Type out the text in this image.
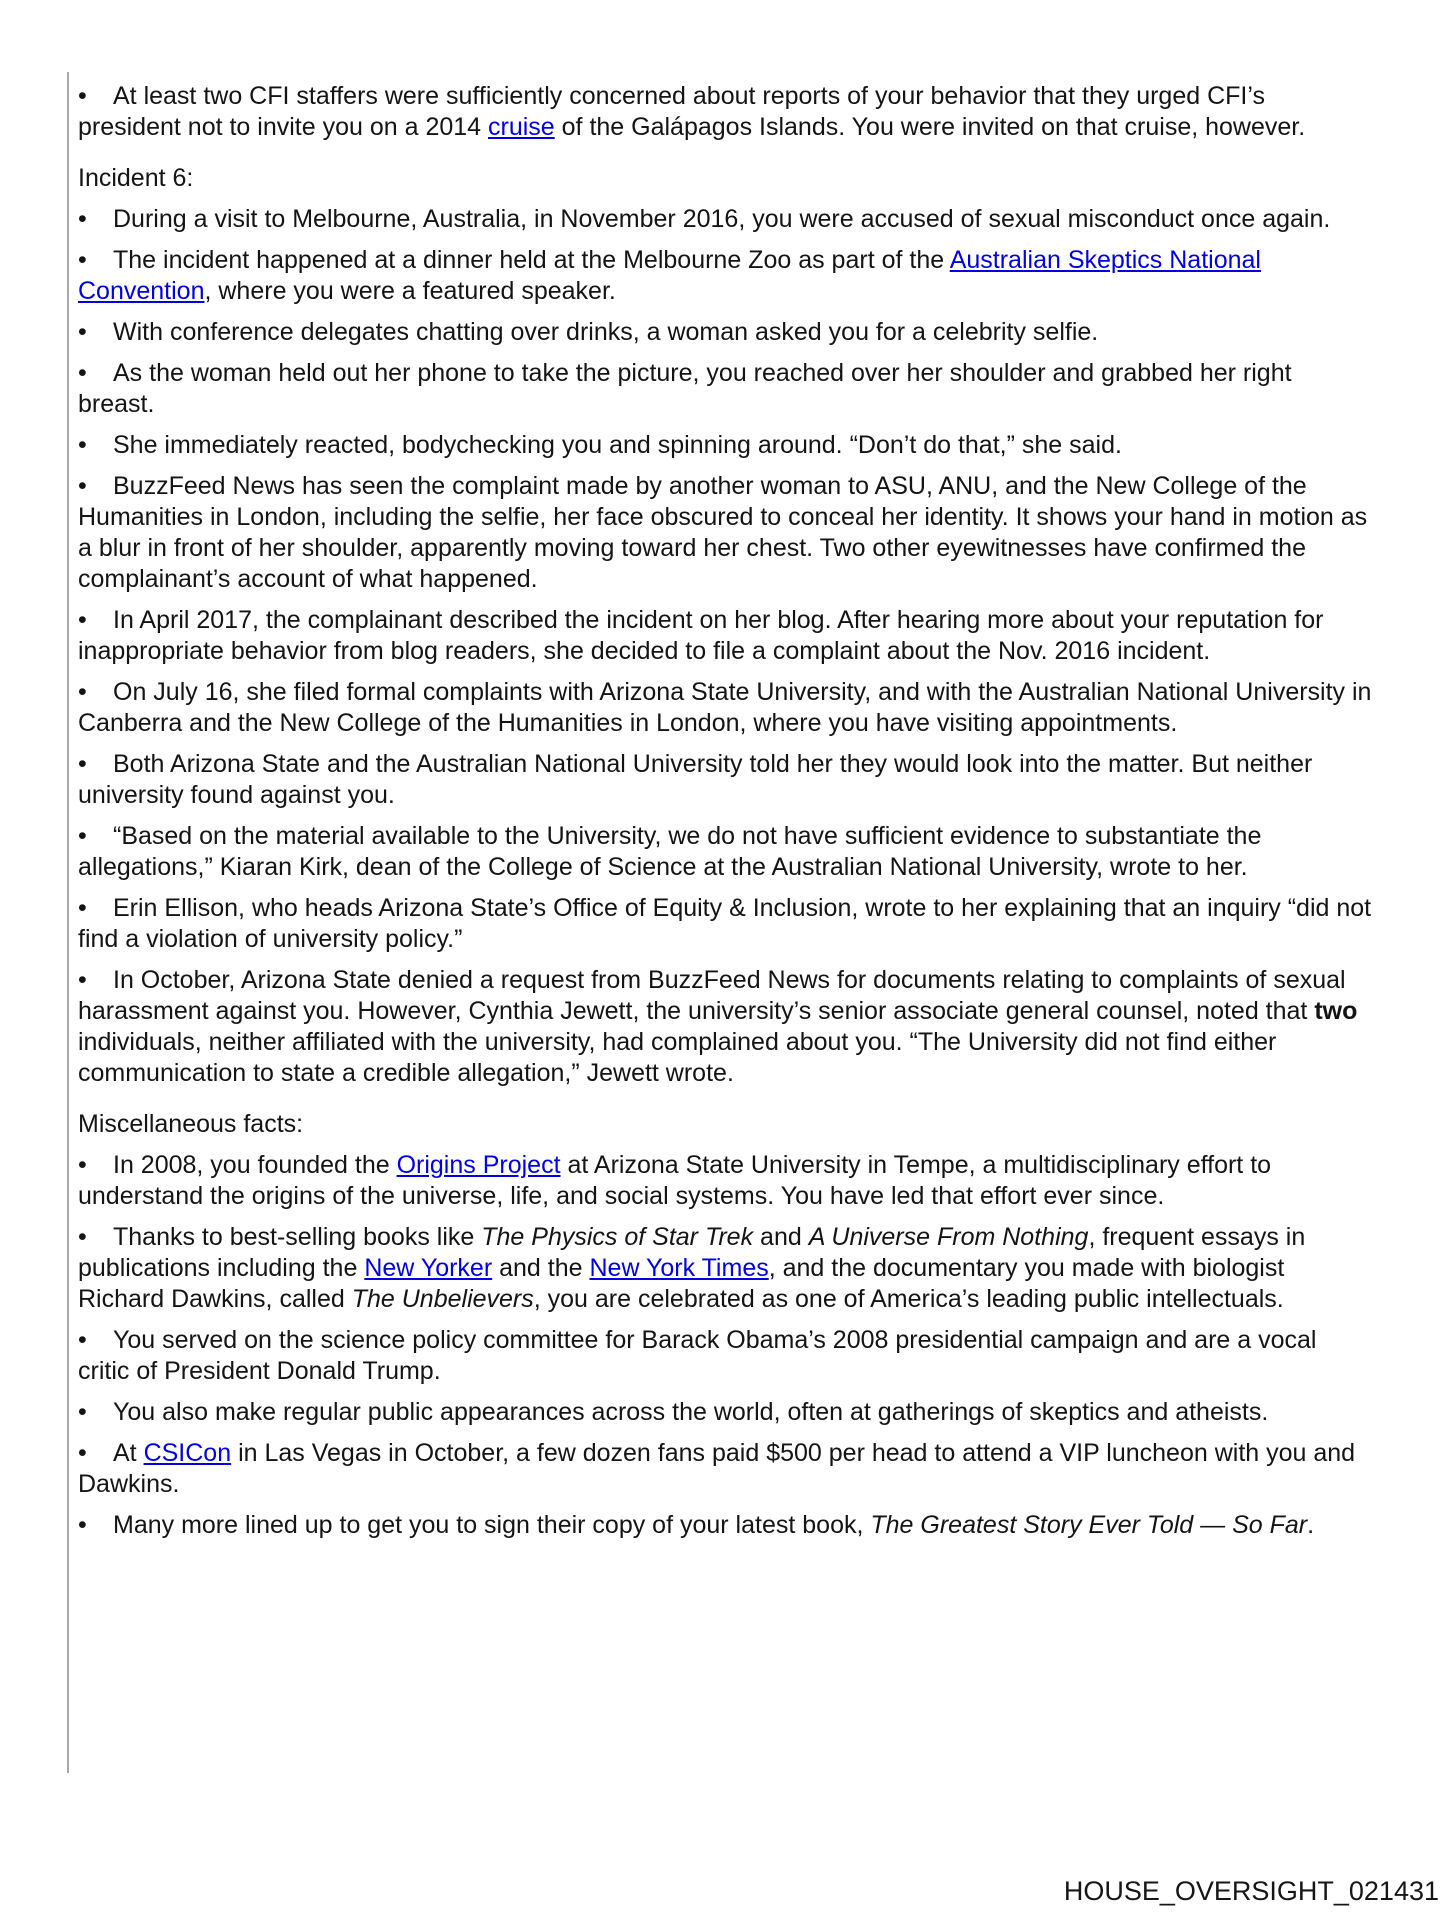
• At least two CFI staffers were sufficiently concerned about reports of your behavior that they urged CFI’s president not to invite you on a 2014 cruise of the Galápagos Islands. You were invited on that cruise, however.

Incident 6:

• During a visit to Melbourne, Australia, in November 2016, you were accused of sexual misconduct once again.

• The incident happened at a dinner held at the Melbourne Zoo as part of the Australian Skeptics National Convention, where you were a featured speaker.

• With conference delegates chatting over drinks, a woman asked you for a celebrity selfie.

• As the woman held out her phone to take the picture, you reached over her shoulder and grabbed her right breast.

• She immediately reacted, bodychecking you and spinning around. “Don’t do that,” she said.

• BuzzFeed News has seen the complaint made by another woman to ASU, ANU, and the New College of the Humanities in London, including the selfie, her face obscured to conceal her identity. It shows your hand in motion as a blur in front of her shoulder, apparently moving toward her chest. Two other eyewitnesses have confirmed the complainant’s account of what happened.

• In April 2017, the complainant described the incident on her blog. After hearing more about your reputation for inappropriate behavior from blog readers, she decided to file a complaint about the Nov. 2016 incident.

• On July 16, she filed formal complaints with Arizona State University, and with the Australian National University in Canberra and the New College of the Humanities in London, where you have visiting appointments.

• Both Arizona State and the Australian National University told her they would look into the matter. But neither university found against you.

• “Based on the material available to the University, we do not have sufficient evidence to substantiate the allegations,” Kiaran Kirk, dean of the College of Science at the Australian National University, wrote to her.

• Erin Ellison, who heads Arizona State’s Office of Equity & Inclusion, wrote to her explaining that an inquiry “did not find a violation of university policy.”

• In October, Arizona State denied a request from BuzzFeed News for documents relating to complaints of sexual harassment against you. However, Cynthia Jewett, the university’s senior associate general counsel, noted that two individuals, neither affiliated with the university, had complained about you. “The University did not find either communication to state a credible allegation,” Jewett wrote.

Miscellaneous facts:

• In 2008, you founded the Origins Project at Arizona State University in Tempe, a multidisciplinary effort to understand the origins of the universe, life, and social systems. You have led that effort ever since.

• Thanks to best-selling books like The Physics of Star Trek and A Universe From Nothing, frequent essays in publications including the New Yorker and the New York Times, and the documentary you made with biologist Richard Dawkins, called The Unbelievers, you are celebrated as one of America’s leading public intellectuals.

• You served on the science policy committee for Barack Obama’s 2008 presidential campaign and are a vocal critic of President Donald Trump.

• You also make regular public appearances across the world, often at gatherings of skeptics and atheists.

• At CSICon in Las Vegas in October, a few dozen fans paid $500 per head to attend a VIP luncheon with you and Dawkins.

• Many more lined up to get you to sign their copy of your latest book, The Greatest Story Ever Told — So Far.

HOUSE_OVERSIGHT_021431
